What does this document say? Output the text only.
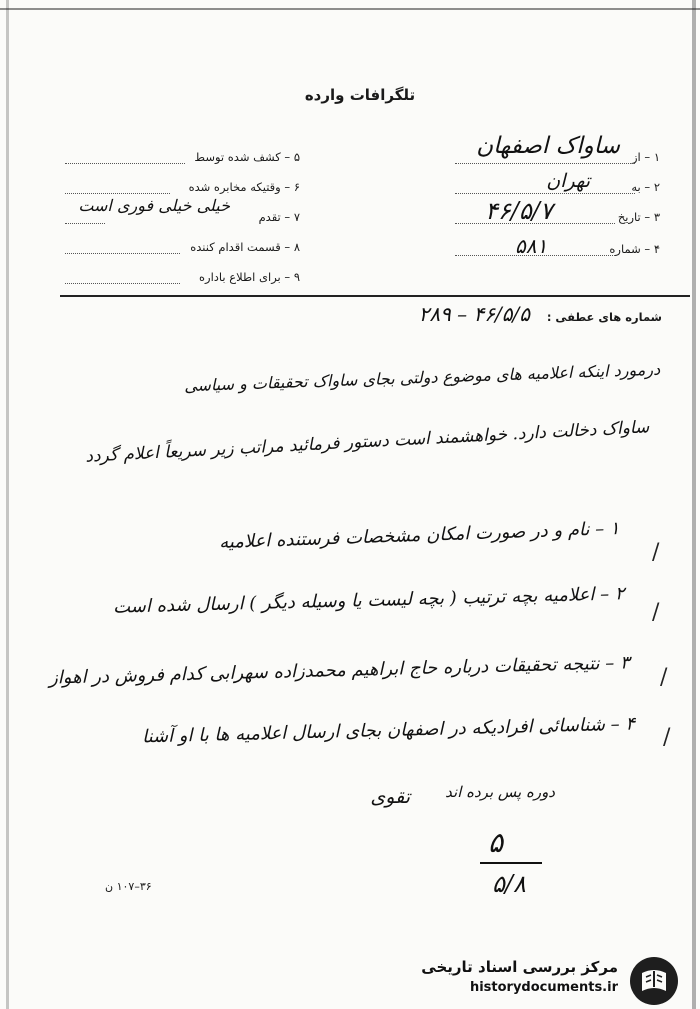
تلگرافات وارده
۱ – از
ساواک اصفهان
۲ – به
تهران
۳ – تاریخ
۴۶/۵/۷
۴ – شماره
۵۸۱
۵ – کشف شده توسط
۶ – وقتیکه مخابره شده
۷ – تقدم
خیلی خیلی فوری است
۸ – قسمت اقدام کننده
۹ – برای اطلاع باداره
شماره های عطفی :
۴۶/۵/۵ – ۲۸۹
درمورد اینکه اعلامیه های موضوع دولتی بجای ساواک تحقیقات و سیاسی
ساواک دخالت دارد. خواهشمند است دستور فرمائید مراتب زیر سریعاً اعلام گردد
۱ – نام و در صورت امکان مشخصات فرستنده اعلامیه
۲ – اعلامیه بچه ترتیب ( بچه لیست یا وسیله دیگر ) ارسال شده است
۳ – نتیجه تحقیقات درباره حاج ابراهیم محمدزاده سهرابی کدام فروش در اهواز
۴ – شناسائی افرادیکه در اصفهان بجای ارسال اعلامیه ها با او آشنا
دوره پس برده اند
تقوی
/
/
/
/
۳۶–۱۰۷ ن
۵
۵/۸
مرکز بررسی اسناد تاریخی
historydocuments.ir
